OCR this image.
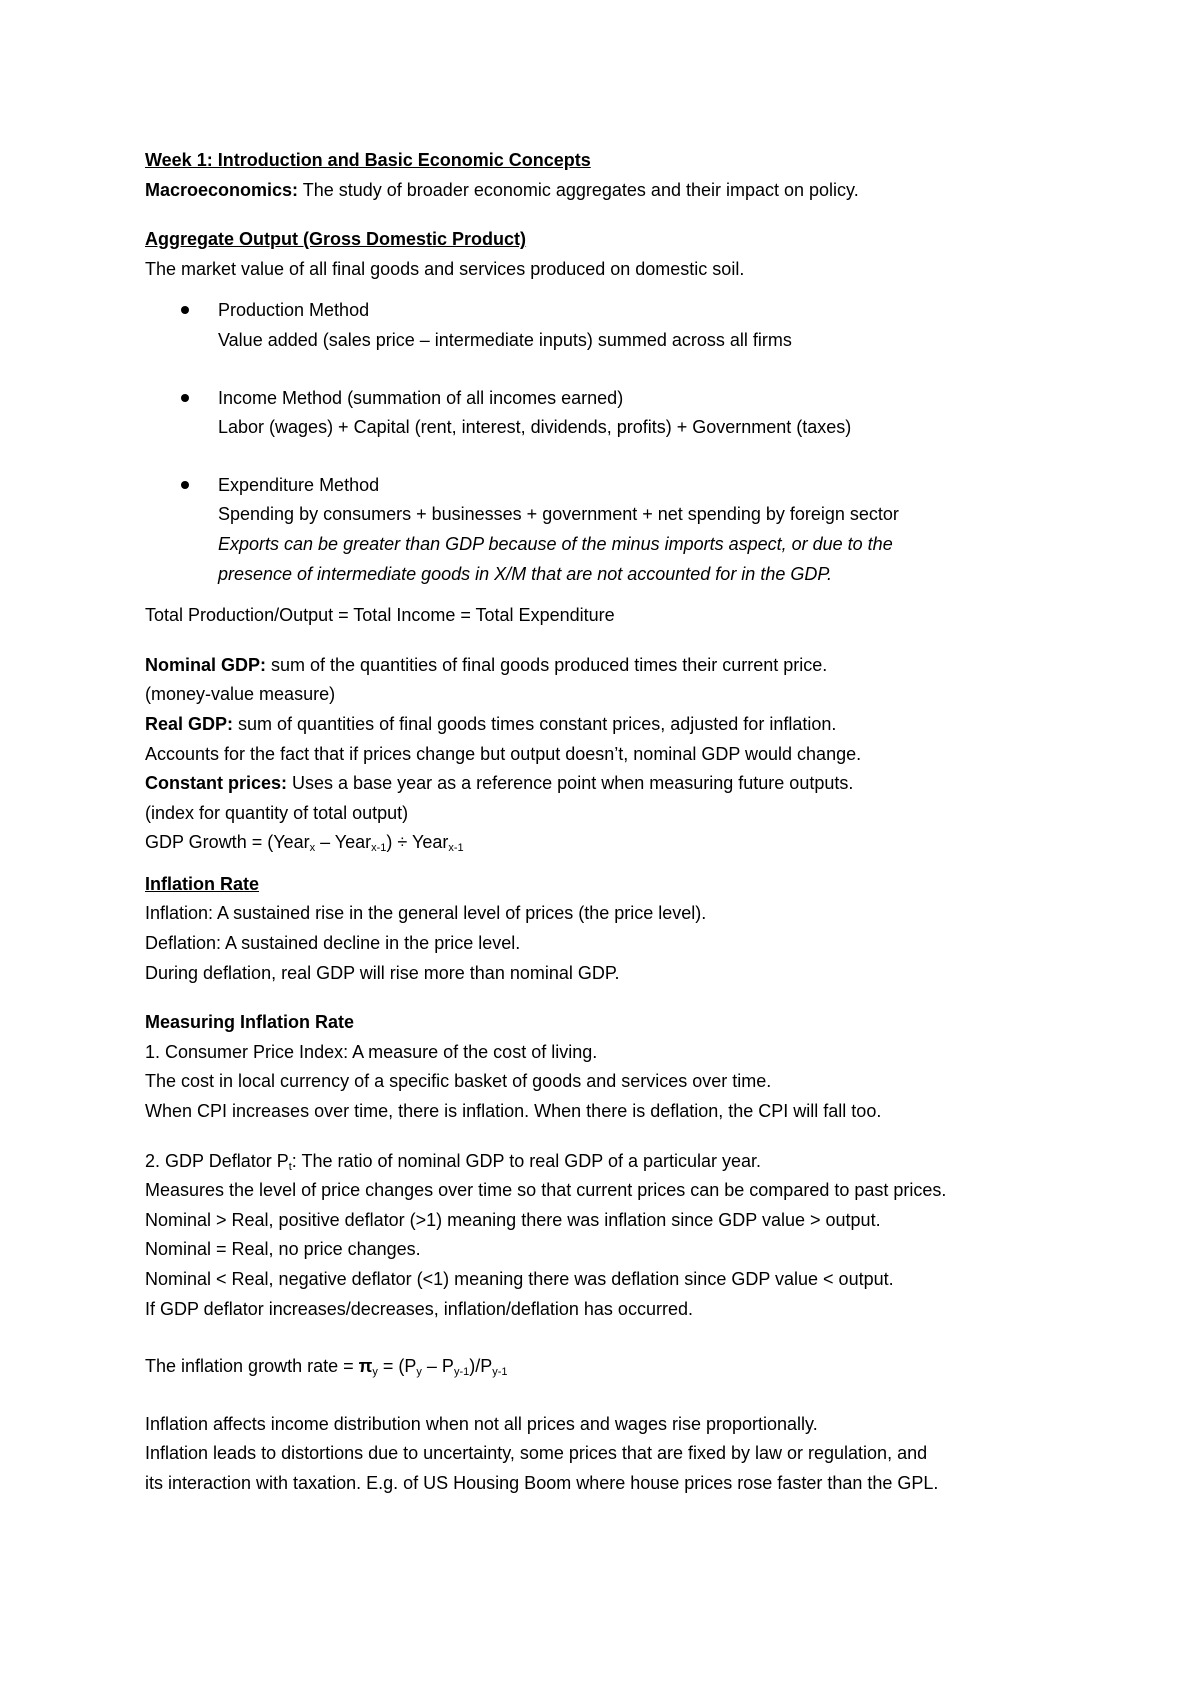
Week 1: Introduction and Basic Economic Concepts
Macroeconomics: The study of broader economic aggregates and their impact on policy.
Aggregate Output (Gross Domestic Product)
The market value of all final goods and services produced on domestic soil.
Production Method
Value added (sales price – intermediate inputs) summed across all firms
Income Method (summation of all incomes earned)
Labor (wages) + Capital (rent, interest, dividends, profits) + Government (taxes)
Expenditure Method
Spending by consumers + businesses + government + net spending by foreign sector
Exports can be greater than GDP because of the minus imports aspect, or due to the
presence of intermediate goods in X/M that are not accounted for in the GDP.
Total Production/Output = Total Income = Total Expenditure
Nominal GDP: sum of the quantities of final goods produced times their current price.
(money-value measure)
Real GDP: sum of quantities of final goods times constant prices, adjusted for inflation.
Accounts for the fact that if prices change but output doesn’t, nominal GDP would change.
Constant prices: Uses a base year as a reference point when measuring future outputs.
(index for quantity of total output)
GDP Growth = (Year$_x$ – Year$_{x-1}$) ÷ Year$_{x-1}$
Inflation Rate
Inflation: A sustained rise in the general level of prices (the price level).
Deflation: A sustained decline in the price level.
During deflation, real GDP will rise more than nominal GDP.
Measuring Inflation Rate
1. Consumer Price Index: A measure of the cost of living.
The cost in local currency of a specific basket of goods and services over time.
When CPI increases over time, there is inflation. When there is deflation, the CPI will fall too.
2. GDP Deflator $P_t$: The ratio of nominal GDP to real GDP of a particular year.
Measures the level of price changes over time so that current prices can be compared to past prices.
Nominal > Real, positive deflator (>1) meaning there was inflation since GDP value > output.
Nominal = Real, no price changes.
Nominal < Real, negative deflator (<1) meaning there was deflation since GDP value < output.
If GDP deflator increases/decreases, inflation/deflation has occurred.
The inflation growth rate = $\pi_y = (P_y - P_{y-1})/P_{y-1}$
Inflation affects income distribution when not all prices and wages rise proportionally.
Inflation leads to distortions due to uncertainty, some prices that are fixed by law or regulation, and
its interaction with taxation. E.g. of US Housing Boom where house prices rose faster than the GPL.
